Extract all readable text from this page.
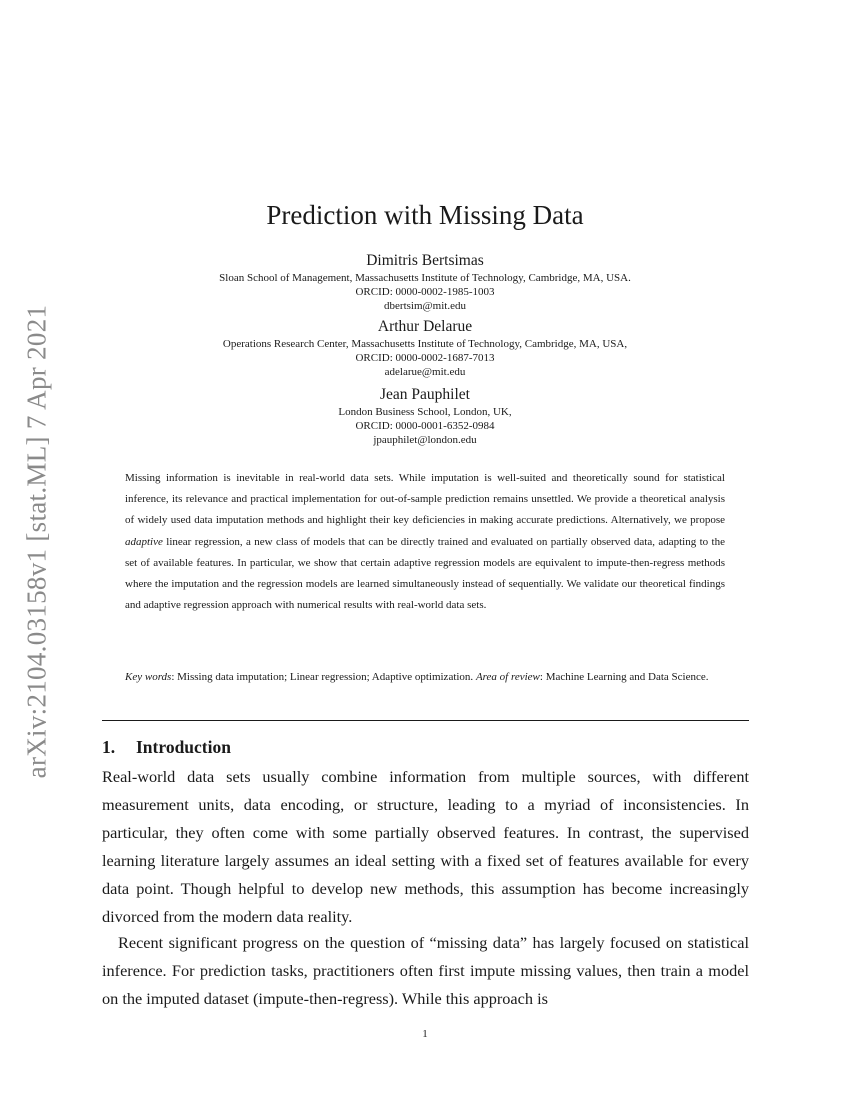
arXiv:2104.03158v1 [stat.ML] 7 Apr 2021
Prediction with Missing Data
Dimitris Bertsimas
Sloan School of Management, Massachusetts Institute of Technology, Cambridge, MA, USA.
ORCID: 0000-0002-1985-1003
dbertsim@mit.edu
Arthur Delarue
Operations Research Center, Massachusetts Institute of Technology, Cambridge, MA, USA,
ORCID: 0000-0002-1687-7013
adelarue@mit.edu
Jean Pauphilet
London Business School, London, UK,
ORCID: 0000-0001-6352-0984
jpauphilet@london.edu

Missing information is inevitable in real-world data sets. While imputation is well-suited and theoretically sound for statistical inference, its relevance and practical implementation for out-of-sample prediction remains unsettled. We provide a theoretical analysis of widely used data imputation methods and highlight their key deficiencies in making accurate predictions. Alternatively, we propose adaptive linear regression, a new class of models that can be directly trained and evaluated on partially observed data, adapting to the set of available features. In particular, we show that certain adaptive regression models are equivalent to impute-then-regress methods where the imputation and the regression models are learned simultaneously instead of sequentially. We validate our theoretical findings and adaptive regression approach with numerical results with real-world data sets.

Key words: Missing data imputation; Linear regression; Adaptive optimization. Area of review: Machine Learning and Data Science.

1. Introduction

Real-world data sets usually combine information from multiple sources, with different measurement units, data encoding, or structure, leading to a myriad of inconsistencies. In particular, they often come with some partially observed features. In contrast, the supervised learning literature largely assumes an ideal setting with a fixed set of features available for every data point. Though helpful to develop new methods, this assumption has become increasingly divorced from the modern data reality.

Recent significant progress on the question of “missing data” has largely focused on statistical inference. For prediction tasks, practitioners often first impute missing values, then train a model on the imputed dataset (impute-then-regress). While this approach is

1
